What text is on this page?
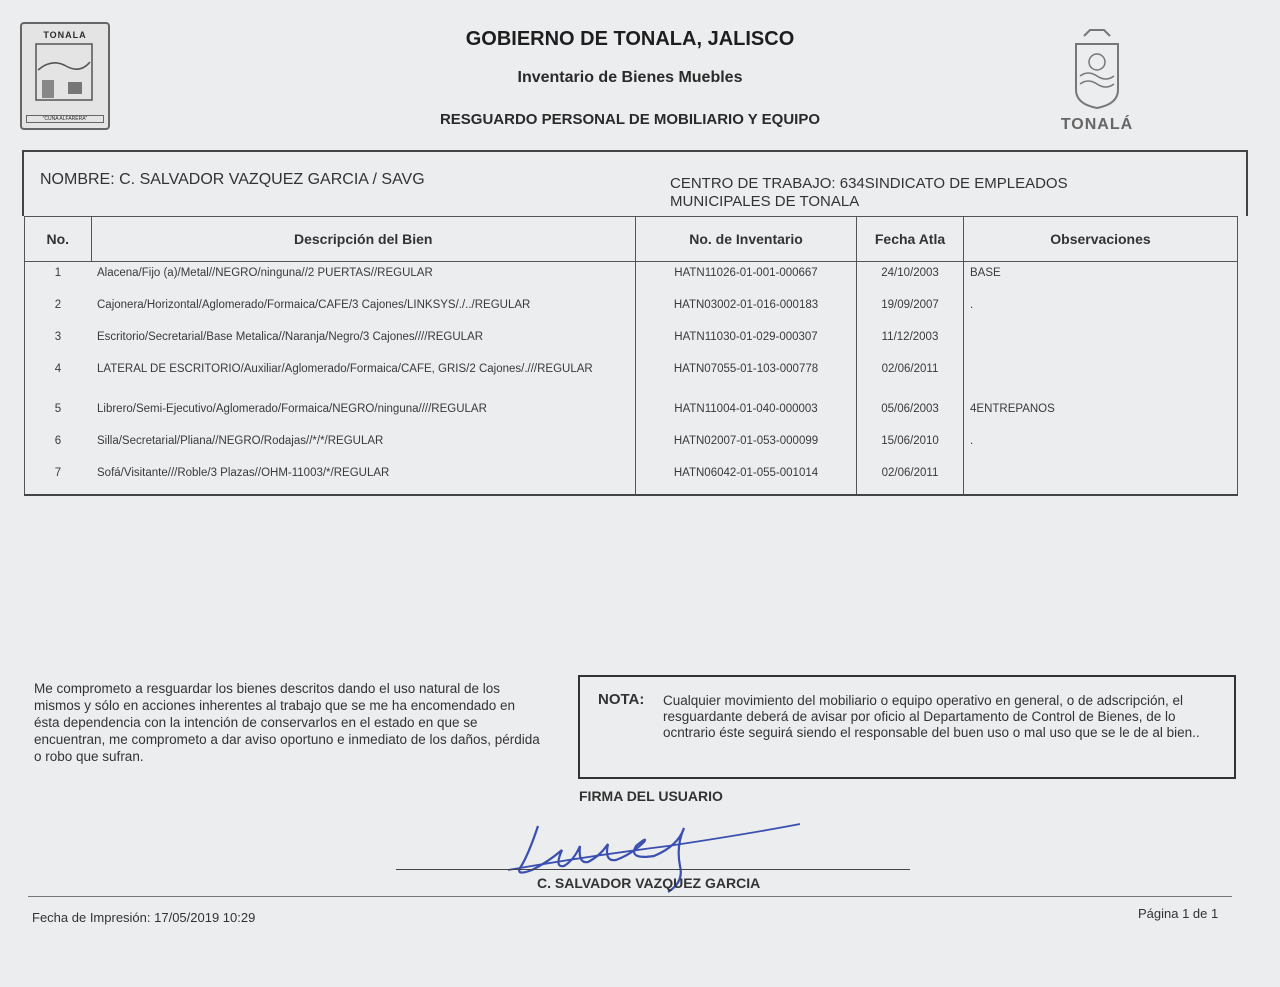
TONALA
"CUNA ALFARERA"	TONALÁ
GOBIERNO DE TONALA, JALISCO
Inventario de Bienes Muebles
RESGUARDO PERSONAL DE MOBILIARIO Y EQUIPO
NOMBRE: C. SALVADOR VAZQUEZ GARCIA / SAVG	CENTRO DE TRABAJO: 634SINDICATO DE EMPLEADOS MUNICIPALES DE TONALA
No.	Descripción del Bien	No. de Inventario	Fecha Atla	Observaciones
1	Alacena/Fijo (a)/Metal//NEGRO/ninguna//2 PUERTAS//REGULAR	HATN11026-01-001-000667	24/10/2003	BASE
2	Cajonera/Horizontal/Aglomerado/Formaica/CAFE/3 Cajones/LINKSYS/./../REGULAR	HATN03002-01-016-000183	19/09/2007	.
3	Escritorio/Secretarial/Base Metalica//Naranja/Negro/3 Cajones////REGULAR	HATN11030-01-029-000307	11/12/2003	
4	LATERAL DE ESCRITORIO/Auxiliar/Aglomerado/Formaica/CAFE, GRIS/2 Cajones/.///REGULAR	HATN07055-01-103-000778	02/06/2011	
5	Librero/Semi-Ejecutivo/Aglomerado/Formaica/NEGRO/ninguna////REGULAR	HATN11004-01-040-000003	05/06/2003	4ENTREPANOS
6	Silla/Secretarial/Pliana//NEGRO/Rodajas//*/*/REGULAR	HATN02007-01-053-000099	15/06/2010	.
7	Sofá/Visitante///Roble/3 Plazas//OHM-11003/*/REGULAR	HATN06042-01-055-001014	02/06/2011	
Me comprometo a resguardar los bienes descritos dando el uso natural de los mismos y sólo en acciones inherentes al trabajo que se me ha encomendado en ésta dependencia con la intención de conservarlos en el estado en que se encuentran, me comprometo a dar aviso oportuno e inmediato de los daños, pérdida o robo que sufran.
NOTA: Cualquier movimiento del mobiliario o equipo operativo en general, o de adscripción, el resguardante deberá de avisar por oficio al Departamento de Control de Bienes, de lo ocntrario éste seguirá siendo el responsable del buen uso o mal uso que se le de al bien..
FIRMA DEL USUARIO
C. SALVADOR VAZQUEZ GARCIA
Fecha de Impresión: 17/05/2019 10:29	Página 1 de 1
